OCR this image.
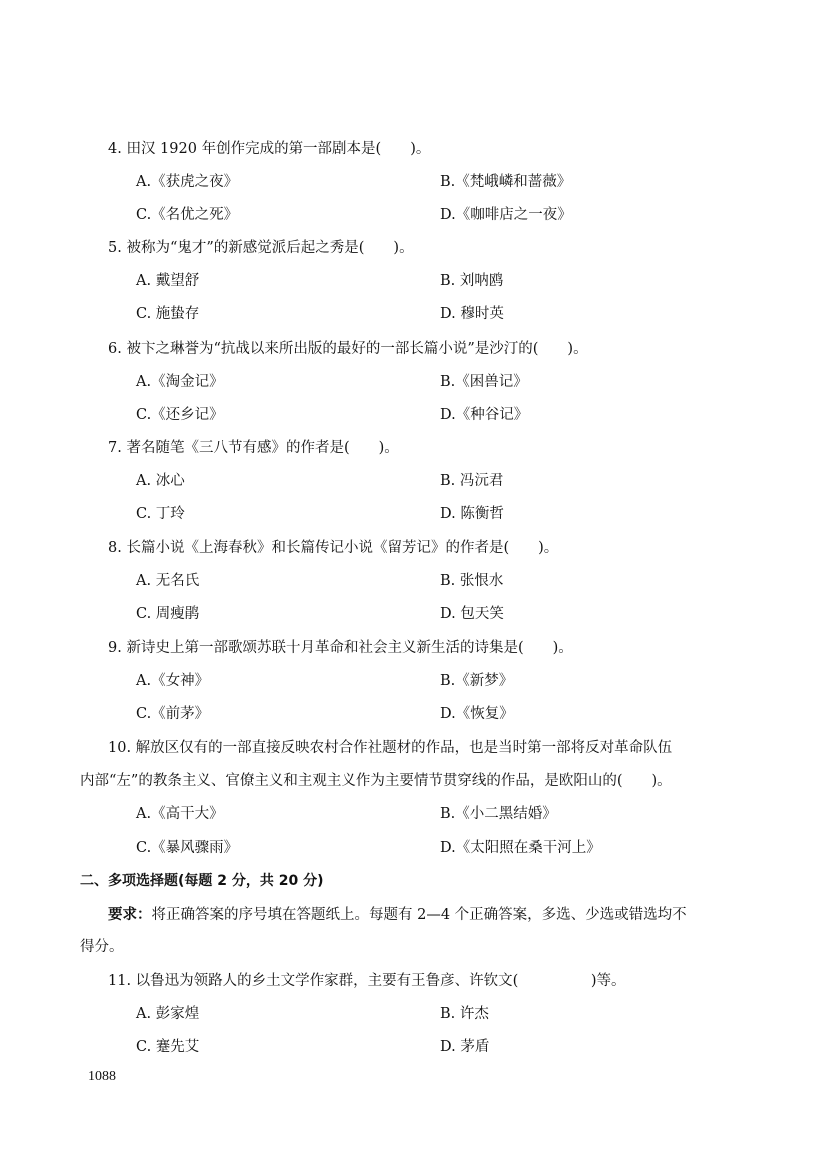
4. 田汉 1920 年创作完成的第一部剧本是(　　)。
A.《获虎之夜》	B.《梵峨嶙和蔷薇》
C.《名优之死》	D.《咖啡店之一夜》
5. 被称为“鬼才”的新感觉派后起之秀是(　　)。
A. 戴望舒	B. 刘呐鸥
C. 施蛰存	D. 穆时英
6. 被卞之琳誉为“抗战以来所出版的最好的一部长篇小说”是沙汀的(　　)。
A.《淘金记》	B.《困兽记》
C.《还乡记》	D.《种谷记》
7. 著名随笔《三八节有感》的作者是(　　)。
A. 冰心	B. 冯沅君
C. 丁玲	D. 陈衡哲
8. 长篇小说《上海春秋》和长篇传记小说《留芳记》的作者是(　　)。
A. 无名氏	B. 张恨水
C. 周瘦鹃	D. 包天笑
9. 新诗史上第一部歌颂苏联十月革命和社会主义新生活的诗集是(　　)。
A.《女神》	B.《新梦》
C.《前茅》	D.《恢复》
10. 解放区仅有的一部直接反映农村合作社题材的作品，也是当时第一部将反对革命队伍
内部“左”的教条主义、官僚主义和主观主义作为主要情节贯穿线的作品，是欧阳山的(　　)。
A.《高干大》	B.《小二黑结婚》
C.《暴风骤雨》	D.《太阳照在桑干河上》
二、多项选择题(每题 2 分，共 20 分)
要求：将正确答案的序号填在答题纸上。每题有 2—4 个正确答案，多选、少选或错选均不
得分。
11. 以鲁迅为领路人的乡土文学作家群，主要有王鲁彦、许钦文(　　　　　)等。
A. 彭家煌	B. 许杰
C. 蹇先艾	D. 茅盾
1088
